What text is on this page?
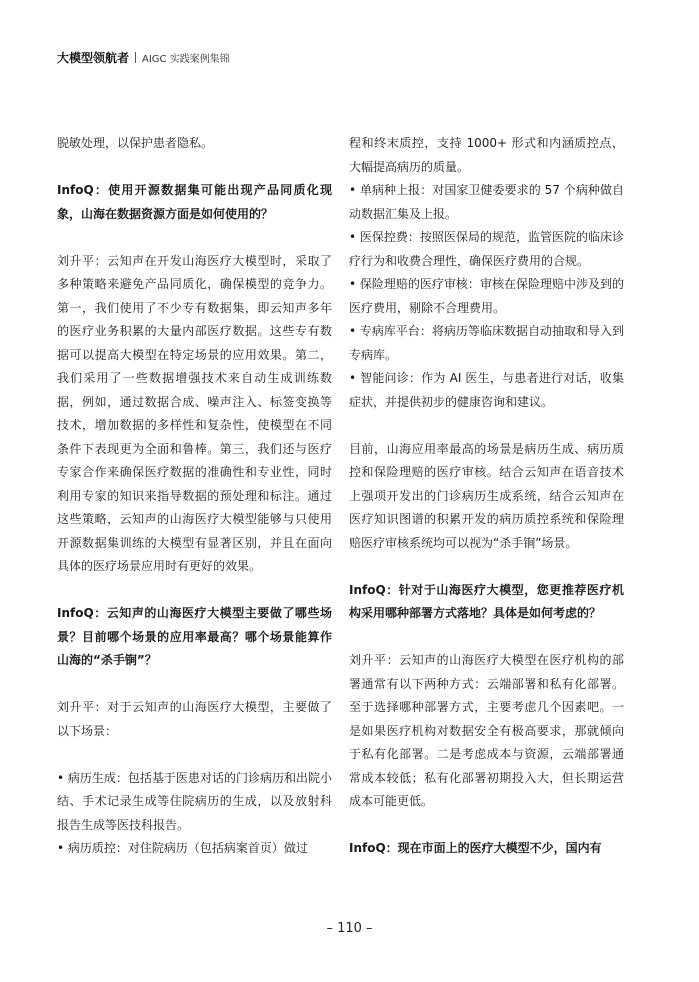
大模型领航者 AIGC 实践案例集锦
脱敏处理，以保护患者隐私。
InfoQ：使用开源数据集可能出现产品同质化现象，山海在数据资源方面是如何使用的？
刘升平：云知声在开发山海医疗大模型时，采取了多种策略来避免产品同质化，确保模型的竞争力。第一，我们使用了不少专有数据集，即云知声多年的医疗业务积累的大量内部医疗数据。这些专有数据可以提高大模型在特定场景的应用效果。第二， 我们采用了一些数据增强技术来自动生成训练数据，例如，通过数据合成、噪声注入、标签变换等技术，增加数据的多样性和复杂性，使模型在不同条件下表现更为全面和鲁棒。第三，我们还与医疗专家合作来确保医疗数据的准确性和专业性，同时利用专家的知识来指导数据的预处理和标注。通过这些策略，云知声的山海医疗大模型能够与只使用开源数据集训练的大模型有显著区别，并且在面向具体的医疗场景应用时有更好的效果。
InfoQ：云知声的山海医疗大模型主要做了哪些场景？目前哪个场景的应用率最高？哪个场景能算作山海的“杀手锏”？
刘升平：对于云知声的山海医疗大模型，主要做了以下场景：
• 病历生成：包括基于医患对话的门诊病历和出院小结、手术记录生成等住院病历的生成，以及放射科报告生成等医技科报告。
• 病历质控：对住院病历（包括病案首页）做过
程和终末质控，支持 1000+ 形式和内涵质控点，大幅提高病历的质量。
• 单病种上报：对国家卫健委要求的 57 个病种做自动数据汇集及上报。
• 医保控费：按照医保局的规范，监管医院的临床诊疗行为和收费合理性，确保医疗费用的合规。
• 保险理赔的医疗审核：审核在保险理赔中涉及到的医疗费用，剔除不合理费用。
• 专病库平台：将病历等临床数据自动抽取和导入到专病库。
• 智能问诊：作为 AI 医生，与患者进行对话，收集症状，并提供初步的健康咨询和建议。
目前，山海应用率最高的场景是病历生成、病历质控和保险理赔的医疗审核。结合云知声在语音技术上强项开发出的门诊病历生成系统，结合云知声在医疗知识图谱的积累开发的病历质控系统和保险理赔医疗审核系统均可以视为“杀手锏”场景。
InfoQ：针对于山海医疗大模型，您更推荐医疗机构采用哪种部署方式落地？具体是如何考虑的？
刘升平：云知声的山海医疗大模型在医疗机构的部署通常有以下两种方式：云端部署和私有化部署。至于选择哪种部署方式，主要考虑几个因素吧。一是如果医疗机构对数据安全有极高要求，那就倾向于私有化部署。二是考虑成本与资源，云端部署通常成本较低；私有化部署初期投入大，但长期运营成本可能更低。
InfoQ：现在市面上的医疗大模型不少，国内有
– 110 –
